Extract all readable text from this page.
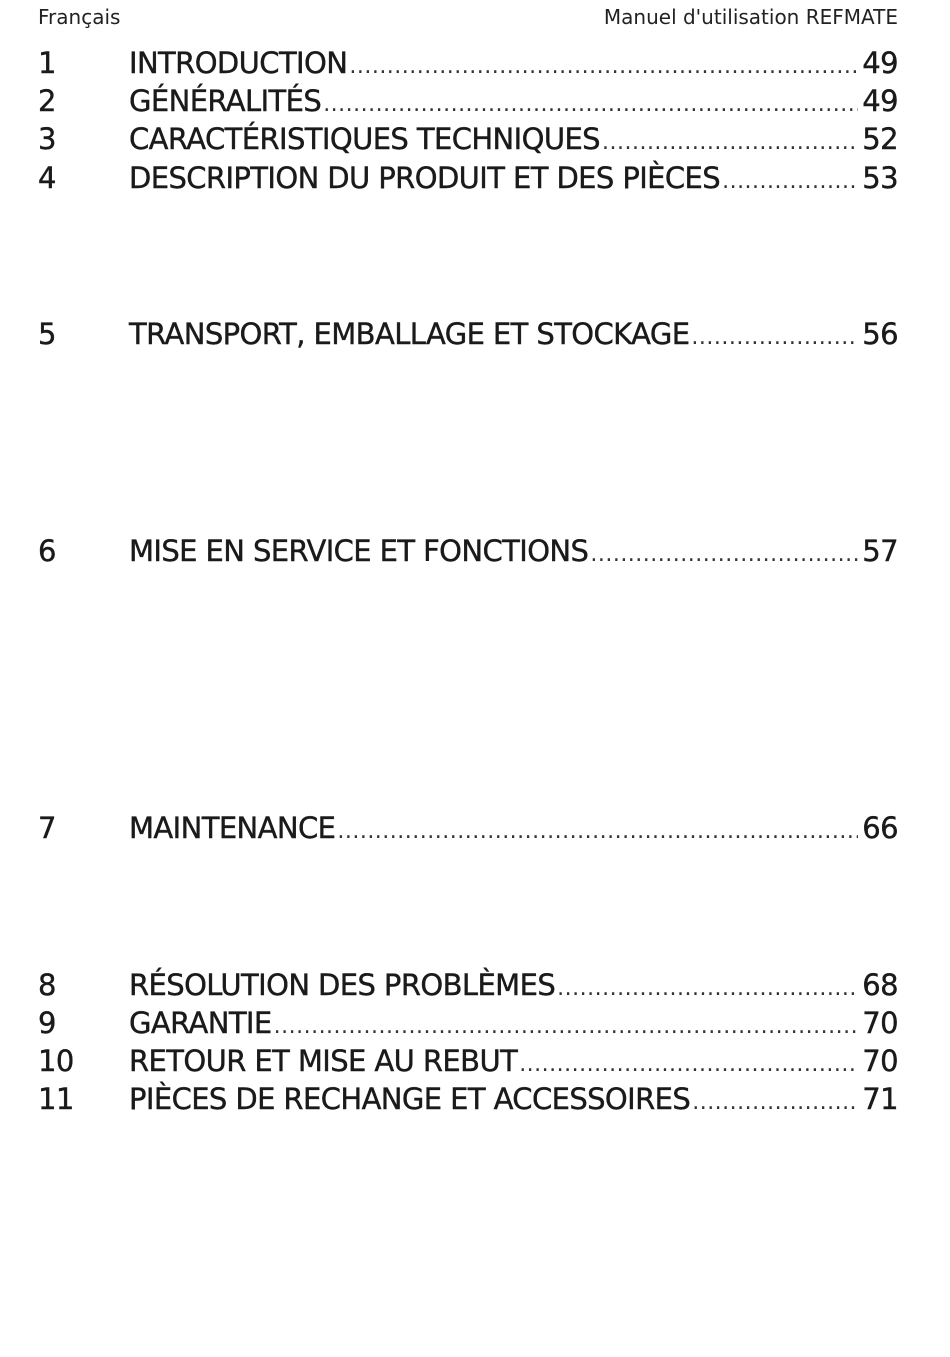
Français	Manuel d'utilisation REFMATE
1	INTRODUCTION .....	49
2	GÉNÉRALITÉS .....	49
3	CARACTÉRISTIQUES TECHNIQUES .....	52
4	DESCRIPTION DU PRODUIT ET DES PIÈCES .....	53
5	TRANSPORT, EMBALLAGE ET STOCKAGE .....	56
6	MISE EN SERVICE ET FONCTIONS .....	57
7	MAINTENANCE .....	66
8	RÉSOLUTION DES PROBLÈMES .....	68
9	GARANTIE .....	70
10	RETOUR ET MISE AU REBUT .....	70
11	PIÈCES DE RECHANGE ET ACCESSOIRES .....	71
